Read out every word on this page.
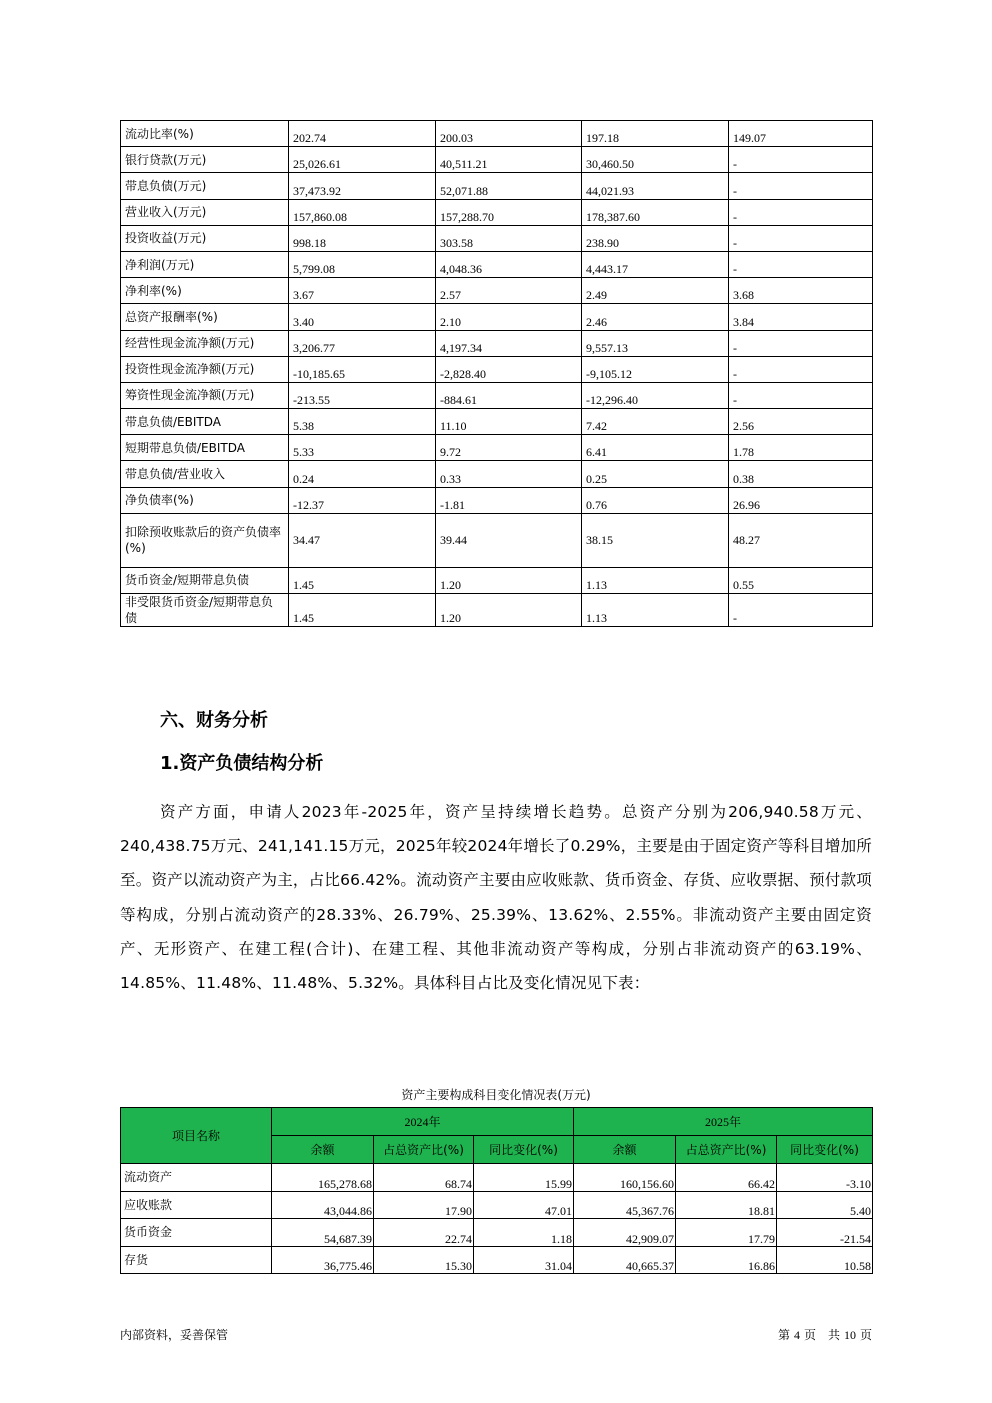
流动比率(%)	202.74	200.03	197.18	149.07
银行贷款(万元)	25,026.61	40,511.21	30,460.50	-
带息负债(万元)	37,473.92	52,071.88	44,021.93	-
营业收入(万元)	157,860.08	157,288.70	178,387.60	-
投资收益(万元)	998.18	303.58	238.90	-
净利润(万元)	5,799.08	4,048.36	4,443.17	-
净利率(%)	3.67	2.57	2.49	3.68
总资产报酬率(%)	3.40	2.10	2.46	3.84
经营性现金流净额(万元)	3,206.77	4,197.34	9,557.13	-
投资性现金流净额(万元)	-10,185.65	-2,828.40	-9,105.12	-
筹资性现金流净额(万元)	-213.55	-884.61	-12,296.40	-
带息负债/EBITDA	5.38	11.10	7.42	2.56
短期带息负债/EBITDA	5.33	9.72	6.41	1.78
带息负债/营业收入	0.24	0.33	0.25	0.38
净负债率(%)	-12.37	-1.81	0.76	26.96
扣除预收账款后的资产负债率(%)	34.47	39.44	38.15	48.27
货币资金/短期带息负债	1.45	1.20	1.13	0.55
非受限货币资金/短期带息负债	1.45	1.20	1.13	-
六、财务分析
1.资产负债结构分析
资产方面，申请人2023年-2025年，资产呈持续增长趋势。总资产分别为206,940.58万元、240,438.75万元、241,141.15万元，2025年较2024年增长了0.29%，主要是由于固定资产等科目增加所至。资产以流动资产为主，占比66.42%。流动资产主要由应收账款、货币资金、存货、应收票据、预付款项等构成，分别占流动资产的28.33%、26.79%、25.39%、13.62%、2.55%。非流动资产主要由固定资产、无形资产、在建工程(合计)、在建工程、其他非流动资产等构成，分别占非流动资产的63.19%、14.85%、11.48%、11.48%、5.32%。具体科目占比及变化情况见下表：
资产主要构成科目变化情况表(万元)
项目名称	2024年			2025年		
	余额	占总资产比(%)	同比变化(%)	余额	占总资产比(%)	同比变化(%)
流动资产	165,278.68	68.74	15.99	160,156.60	66.42	-3.10
应收账款	43,044.86	17.90	47.01	45,367.76	18.81	5.40
货币资金	54,687.39	22.74	1.18	42,909.07	17.79	-21.54
存货	36,775.46	15.30	31.04	40,665.37	16.86	10.58
内部资料，妥善保管	第 4 页　共 10 页
